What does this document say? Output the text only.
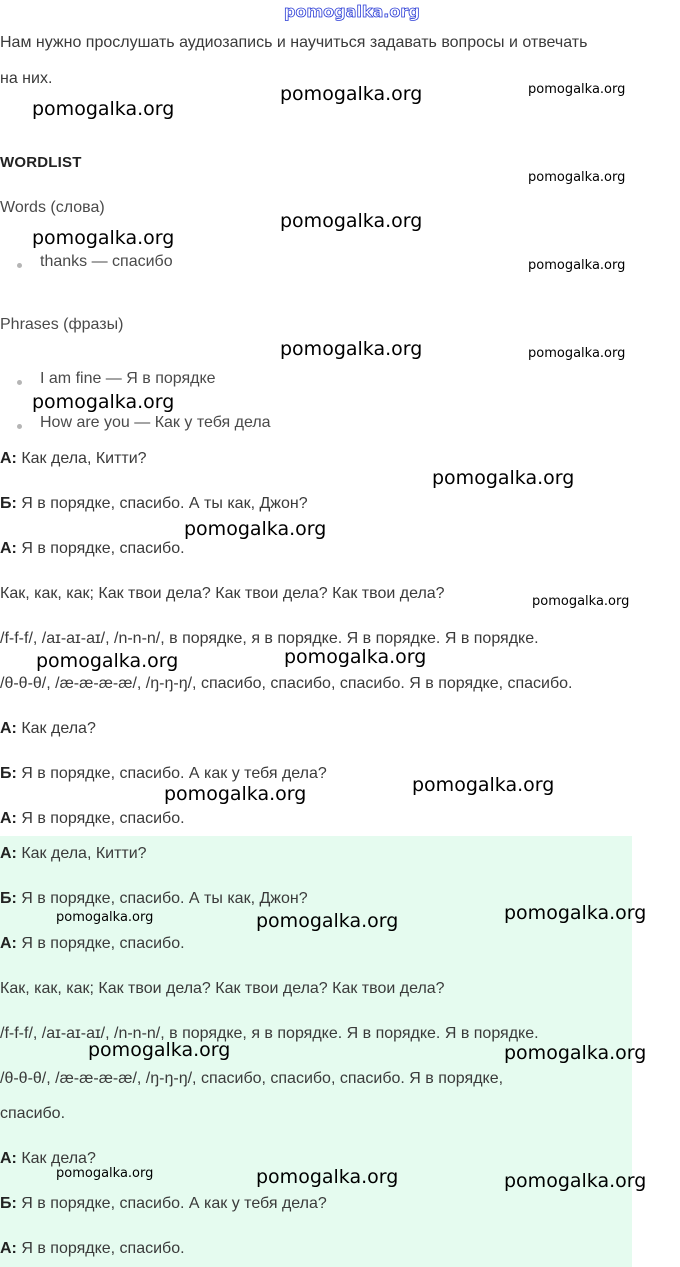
pomogalka.org
Нам нужно прослушать аудиозапись и научиться задавать вопросы и отвечать
на них.
WORDLIST
Words (слова)
thanks — спасибо
Phrases (фразы)
I am fine — Я в порядке
How are you — Как у тебя дела
А: Как дела, Китти?
Б: Я в порядке, спасибо. А ты как, Джон?
А: Я в порядке, спасибо.
Как, как, как; Как твои дела? Как твои дела? Как твои дела?
/f-f-f/, /aɪ-aɪ-aɪ/, /n-n-n/, в порядке, я в порядке. Я в порядке. Я в порядке.
/θ-θ-θ/, /æ-æ-æ-æ/, /ŋ-ŋ-ŋ/, спасибо, спасибо, спасибо. Я в порядке, спасибо.
А: Как дела?
Б: Я в порядке, спасибо. А как у тебя дела?
А: Я в порядке, спасибо.
А: Как дела, Китти?
Б: Я в порядке, спасибо. А ты как, Джон?
А: Я в порядке, спасибо.
Как, как, как; Как твои дела? Как твои дела? Как твои дела?
/f-f-f/, /aɪ-aɪ-aɪ/, /n-n-n/, в порядке, я в порядке. Я в порядке. Я в порядке.
/θ-θ-θ/, /æ-æ-æ-æ/, /ŋ-ŋ-ŋ/, спасибо, спасибо, спасибо. Я в порядке,
спасибо.
А: Как дела?
Б: Я в порядке, спасибо. А как у тебя дела?
А: Я в порядке, спасибо.
pomogalka.org
pomogalka.org	pomogalka.org
pomogalka.org
pomogalka.org
pomogalka.org
pomogalka.org
pomogalka.org	pomogalka.org
pomogalka.org
pomogalka.org
pomogalka.org
pomogalka.org
pomogalka.org	pomogalka.org
pomogalka.org
pomogalka.org
pomogalka.org	pomogalka.org	pomogalka.org
pomogalka.org	pomogalka.org
pomogalka.org	pomogalka.org	pomogalka.org
